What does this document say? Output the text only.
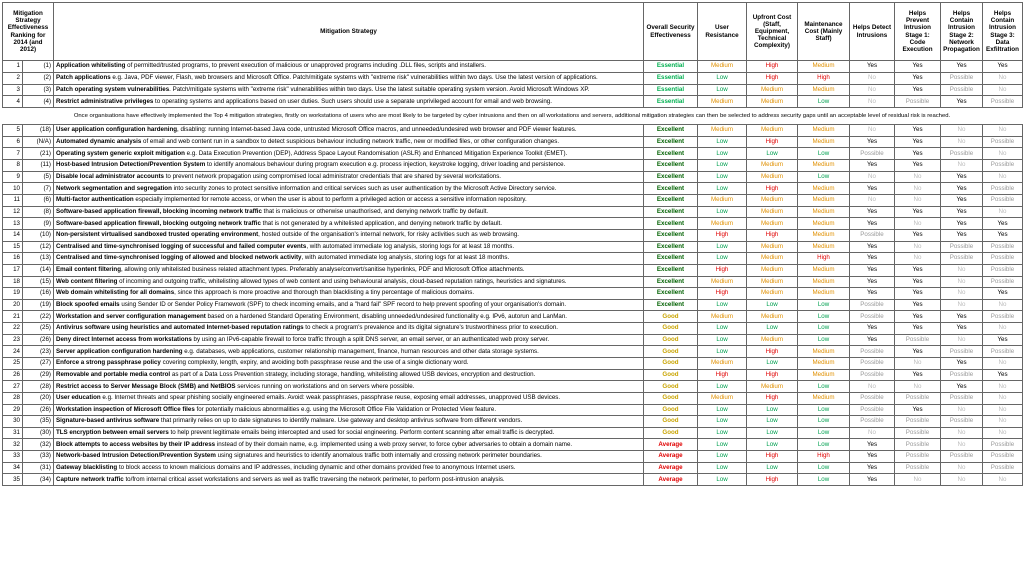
Mitigation Strategy Effectiveness Ranking for 2014 (and 2012)		Mitigation Strategy	Overall Security Effectiveness	User Resistance	Upfront Cost (Staff, Equipment, Technical Complexity)	Maintenance Cost (Mainly Staff)	Helps Detect Intrusions	Helps Prevent Intrusion Stage 1: Code Execution	Helps Contain Intrusion Stage 2: Network Propagation	Helps Contain Intrusion Stage 3: Data Exfiltration
1	(1)	Application whitelisting of permitted/trusted programs, to prevent execution of malicious or unapproved programs including .DLL files, scripts and installers.	Essential	Medium	High	Medium	Yes	Yes	Yes	Yes
2	(2)	Patch applications e.g. Java, PDF viewer, Flash, web browsers and Microsoft Office. Patch/mitigate systems with "extreme risk" vulnerabilities within two days. Use the latest version of applications.	Essential	Low	High	High	No	Yes	Possible	No
3	(3)	Patch operating system vulnerabilities. Patch/mitigate systems with "extreme risk" vulnerabilities within two days. Use the latest suitable operating system version. Avoid Microsoft Windows XP.	Essential	Low	Medium	Medium	No	Yes	Possible	No
4	(4)	Restrict administrative privileges to operating systems and applications based on user duties. Such users should use a separate unprivileged account for email and web browsing.	Essential	Medium	Medium	Low	No	Possible	Yes	Possible
Once organisations have effectively implemented the Top 4 mitigation strategies, firstly on workstations of users who are most likely to be targeted by cyber intrusions and then on all workstations and servers, additional mitigation strategies can then be selected to address security gaps until an acceptable level of residual risk is reached.
5	(18)	User application configuration hardening, disabling: running Internet-based Java code, untrusted Microsoft Office macros, and unneeded/undesired web browser and PDF viewer features.	Excellent	Medium	Medium	Medium	No	Yes	No	No
6	(N/A)	Automated dynamic analysis of email and web content run in a sandbox to detect suspicious behaviour including network traffic, new or modified files, or other configuration changes.	Excellent	Low	High	Medium	Yes	Yes	No	Possible
7	(21)	Operating system generic exploit mitigation e.g. Data Execution Prevention (DEP), Address Space Layout Randomisation (ASLR) and Enhanced Mitigation Experience Toolkit (EMET).	Excellent	Low	Low	Low	Possible	Yes	Possible	No
8	(11)	Host-based Intrusion Detection/Prevention System to identify anomalous behaviour during program execution e.g. process injection, keystroke logging, driver loading and persistence.	Excellent	Low	Medium	Medium	Yes	Yes	No	Possible
9	(5)	Disable local administrator accounts to prevent network propagation using compromised local administrator credentials that are shared by several workstations.	Excellent	Low	Medium	Low	No	No	Yes	No
10	(7)	Network segmentation and segregation into security zones to protect sensitive information and critical services such as user authentication by the Microsoft Active Directory service.	Excellent	Low	High	Medium	Yes	No	Yes	Possible
11	(6)	Multi-factor authentication especially implemented for remote access, or when the user is about to perform a privileged action or access a sensitive information repository.	Excellent	Medium	Medium	Medium	No	No	Yes	Possible
12	(8)	Software-based application firewall, blocking incoming network traffic that is malicious or otherwise unauthorised, and denying network traffic by default.	Excellent	Low	Medium	Medium	Yes	Yes	Yes	No
13	(9)	Software-based application firewall, blocking outgoing network traffic that is not generated by a whitelisted application, and denying network traffic by default.	Excellent	Medium	Medium	Medium	Yes	No	Yes	Yes
14	(10)	Non-persistent virtualised sandboxed trusted operating environment, hosted outside of the organisation's internal network, for risky activities such as web browsing.	Excellent	High	High	Medium	Possible	Yes	Yes	Yes
15	(12)	Centralised and time-synchronised logging of successful and failed computer events, with automated immediate log analysis, storing logs for at least 18 months.	Excellent	Low	Medium	Medium	Yes	No	Possible	Possible
16	(13)	Centralised and time-synchronised logging of allowed and blocked network activity, with automated immediate log analysis, storing logs for at least 18 months.	Excellent	Low	Medium	High	Yes	No	Possible	Possible
17	(14)	Email content filtering, allowing only whitelisted business related attachment types. Preferably analyse/convert/sanitise hyperlinks, PDF and Microsoft Office attachments.	Excellent	High	Medium	Medium	Yes	Yes	No	Possible
18	(15)	Web content filtering of incoming and outgoing traffic, whitelisting allowed types of web content and using behavioural analysis, cloud-based reputation ratings, heuristics and signatures.	Excellent	Medium	Medium	Medium	Yes	Yes	No	Possible
19	(16)	Web domain whitelisting for all domains, since this approach is more proactive and thorough than blacklisting a tiny percentage of malicious domains.	Excellent	High	Medium	Medium	Yes	Yes	No	Yes
20	(19)	Block spoofed emails using Sender ID or Sender Policy Framework (SPF) to check incoming emails, and a "hard fail" SPF record to help prevent spoofing of your organisation's domain.	Excellent	Low	Low	Low	Possible	Yes	No	No
21	(22)	Workstation and server configuration management based on a hardened Standard Operating Environment, disabling unneeded/undesired functionality e.g. IPv6, autorun and LanMan.	Good	Medium	Medium	Low	Possible	Yes	Yes	Possible
22	(25)	Antivirus software using heuristics and automated Internet-based reputation ratings to check a program's prevalence and its digital signature's trustworthiness prior to execution.	Good	Low	Low	Low	Yes	Yes	Yes	No
23	(26)	Deny direct Internet access from workstations by using an IPv6-capable firewall to force traffic through a split DNS server, an email server, or an authenticated web proxy server.	Good	Low	Medium	Low	Yes	Possible	No	Yes
24	(23)	Server application configuration hardening e.g. databases, web applications, customer relationship management, finance, human resources and other data storage systems.	Good	Low	High	Medium	Possible	Yes	Possible	Possible
25	(27)	Enforce a strong passphrase policy covering complexity, length, expiry, and avoiding both passphrase reuse and the use of a single dictionary word.	Good	Medium	Low	Medium	Possible	No	Yes	No
26	(29)	Removable and portable media control as part of a Data Loss Prevention strategy, including storage, handling, whitelisting allowed USB devices, encryption and destruction.	Good	High	High	Medium	Possible	Yes	Possible	Yes
27	(28)	Restrict access to Server Message Block (SMB) and NetBIOS services running on workstations and on servers where possible.	Good	Low	Medium	Low	No	No	Yes	No
28	(20)	User education e.g. Internet threats and spear phishing socially engineered emails. Avoid: weak passphrases, passphrase reuse, exposing email addresses, unapproved USB devices.	Good	Medium	High	Medium	Possible	Possible	Possible	No
29	(26)	Workstation inspection of Microsoft Office files for potentially malicious abnormalities e.g. using the Microsoft Office File Validation or Protected View feature.	Good	Low	Low	Low	Possible	Yes	No	No
30	(35)	Signature-based antivirus software that primarily relies on up to date signatures to identify malware. Use gateway and desktop antivirus software from different vendors.	Good	Low	Low	Low	Possible	Possible	Possible	No
31	(30)	TLS encryption between email servers to help prevent legitimate emails being intercepted and used for social engineering. Perform content scanning after email traffic is decrypted.	Good	Low	Low	Low	No	Possible	No	No
32	(32)	Block attempts to access websites by their IP address instead of by their domain name, e.g. implemented using a web proxy server, to force cyber adversaries to obtain a domain name.	Average	Low	Low	Low	Yes	Possible	No	Possible
33	(33)	Network-based Intrusion Detection/Prevention System using signatures and heuristics to identify anomalous traffic both internally and crossing network perimeter boundaries.	Average	Low	High	High	Yes	Possible	Possible	Possible
34	(31)	Gateway blacklisting to block access to known malicious domains and IP addresses, including dynamic and other domains provided free to anonymous Internet users.	Average	Low	Low	Low	Yes	Possible	No	Possible
35	(34)	Capture network traffic to/from internal critical asset workstations and servers as well as traffic traversing the network perimeter, to perform post-intrusion analysis.	Average	Low	High	Low	Yes	No	No	No
